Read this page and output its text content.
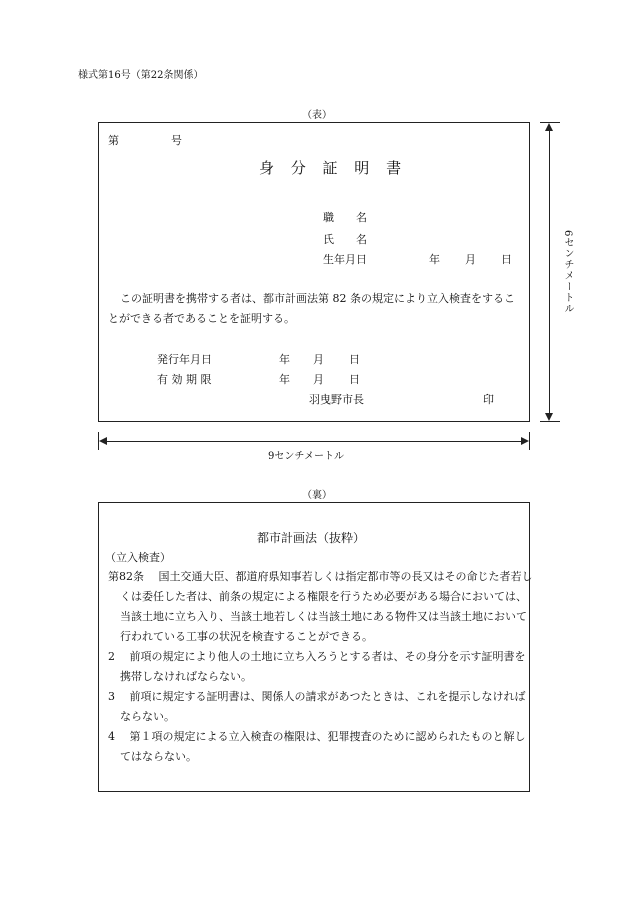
様式第16号（第22条関係）
（表）
第	号
身 分 証 明 書
職　　名
氏　　名
生年月日	年 月 日
この証明書を携帯する者は、都市計画法第 82 条の規定により立入検査をすることができる者であることを証明する。
発行年月日	年 月 日
有 効 期 限	年 月 日
羽曳野市長	印
6センチメートル
9センチメートル
（裏）
都市計画法（抜粋）
（立入検査）
第82条　 国土交通大臣、都道府県知事若しくは指定都市等の長又はその命じた者若しくは委任した者は、前条の規定による権限を行うため必要がある場合においては、当該土地に立ち入り、当該土地若しくは当該土地にある物件又は当該土地において行われている工事の状況を検査することができる。
2　 前項の規定により他人の土地に立ち入ろうとする者は、その身分を示す証明書を携帯しなければならない。
3　 前項に規定する証明書は、関係人の請求があつたときは、これを提示しなければならない。
4　 第１項の規定による立入検査の権限は、犯罪捜査のために認められたものと解してはならない。
